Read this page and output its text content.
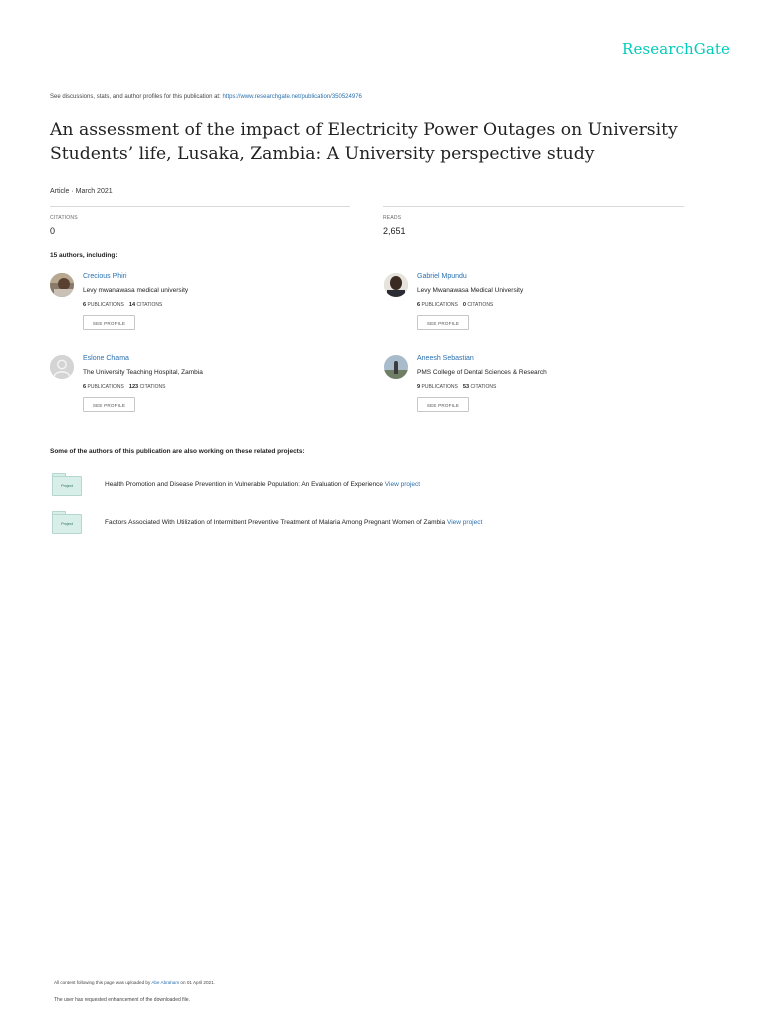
ResearchGate
See discussions, stats, and author profiles for this publication at: https://www.researchgate.net/publication/350524976
An assessment of the impact of Electricity Power Outages on University Students’ life, Lusaka, Zambia: A University perspective study
Article · March 2021
CITATIONS
0
READS
2,651
15 authors, including:
Crecious Phiri
Levy mwanawasa medical university
6 PUBLICATIONS 14 CITATIONS
SEE PROFILE
Gabriel Mpundu
Levy Mwanawasa Medical University
6 PUBLICATIONS 0 CITATIONS
SEE PROFILE
Eslone Chama
The University Teaching Hospital, Zambia
6 PUBLICATIONS 123 CITATIONS
SEE PROFILE
Aneesh Sebastian
PMS College of Dental Sciences & Research
9 PUBLICATIONS 53 CITATIONS
SEE PROFILE
Some of the authors of this publication are also working on these related projects:
Project	Health Promotion and Disease Prevention in Vulnerable Population: An Evaluation of Experience View project
Project	Factors Associated With Utilization of Intermittent Preventive Treatment of Malaria Among Pregnant Women of Zambia View project
All content following this page was uploaded by Abe Abraham on 01 April 2021.
The user has requested enhancement of the downloaded file.
